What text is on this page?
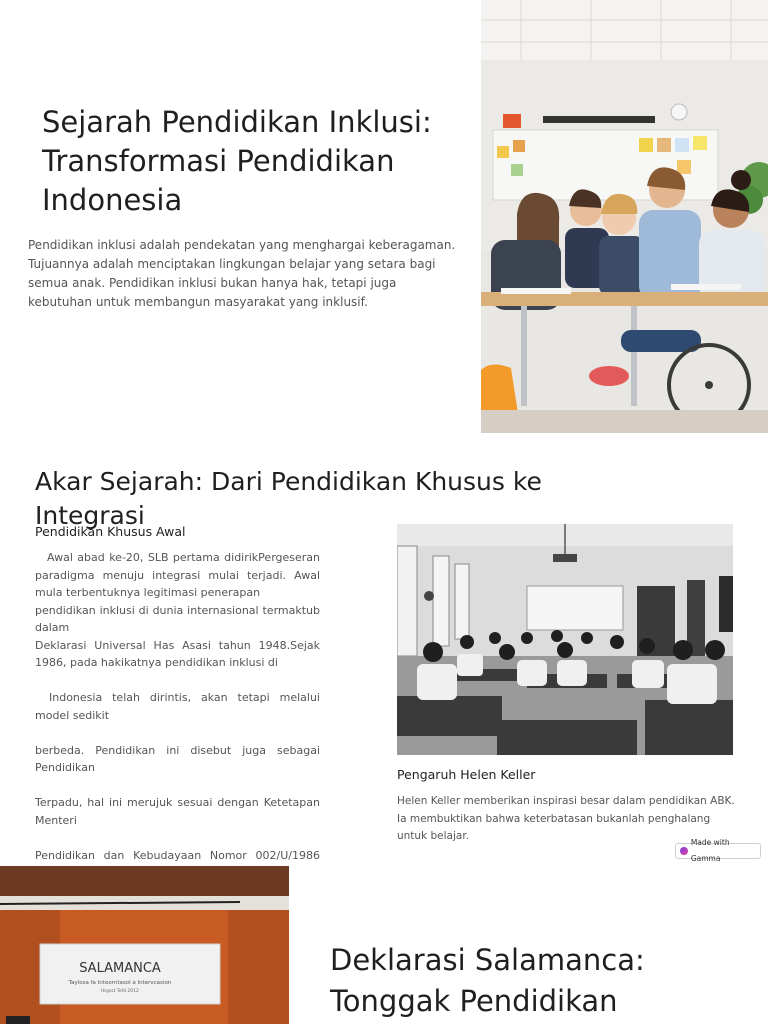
Sejarah Pendidikan Inklusi: Transformasi Pendidikan Indonesia
Pendidikan inklusi adalah pendekatan yang menghargai keberagaman. Tujuannya adalah menciptakan lingkungan belajar yang setara bagi semua anak. Pendidikan inklusi bukan hanya hak, tetapi juga kebutuhan untuk membangun masyarakat yang inklusif.
Akar Sejarah: Dari Pendidikan Khusus ke Integrasi
Pendidikan Khusus Awal

Awal abad ke-20, SLB pertama didirikPergeseran paradigma menuju integrasi mulai terjadi. Awal mula terbentuknya legitimasi penerapan

pendidikan inklusi di dunia internasional termaktub dalam

Deklarasi Universal Has Asasi tahun 1948.Sejak 1986, pada hakikatnya pendidikan inklusi di

Indonesia telah dirintis, akan tetapi melalui model sedikit

berbeda. Pendidikan ini disebut juga sebagai Pendidikan

Terpadu, hal ini merujuk sesuai dengan Ketetapan Menteri

Pendidikan dan Kebudayaan Nomor 002/U/1986

Pengaruh Helen Keller
Helen Keller memberikan inspirasi besar dalam pendidikan ABK. Ia membuktikan bahwa keterbatasan bukanlah penghalang untuk belajar.
Made with Gamma
SALAMANCA
Taylosa fa Inteorntasol a Intervcasion
Itrgsst Tefd 2012
Deklarasi Salamanca: Tonggak Pendidikan
